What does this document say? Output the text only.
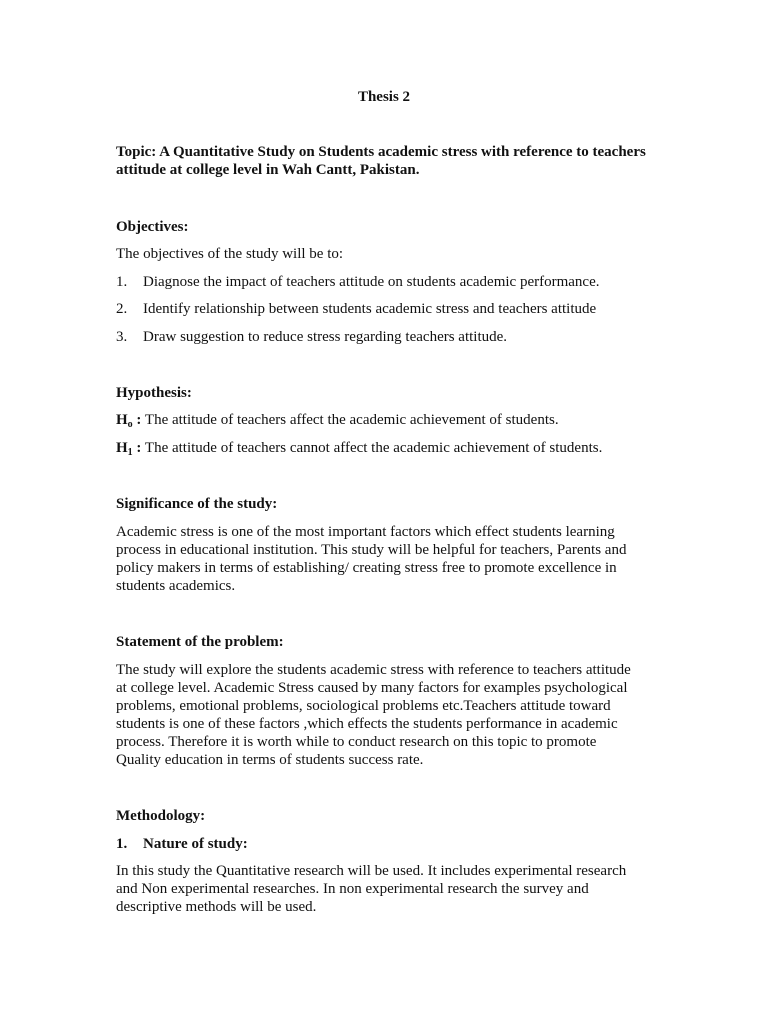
Thesis 2

Topic: A Quantitative Study on Students academic stress with reference to teachers attitude at college level in Wah Cantt, Pakistan.

Objectives:

The objectives of the study will be to:

1. Diagnose the impact of teachers attitude on students academic performance.

2. Identify relationship between students academic stress and teachers attitude

3. Draw suggestion to reduce stress regarding teachers attitude.

Hypothesis:

$H_o$ : The attitude of teachers affect the academic achievement of students.

$H_1$ : The attitude of teachers cannot affect the academic achievement of students.

Significance of the study:

Academic stress is one of the most important factors which effect students learning
process in educational institution. This study will be helpful for teachers, Parents and
policy makers in terms of establishing/ creating stress free to promote excellence in
students academics.

Statement of the problem:

The study will explore the students academic stress with reference to teachers attitude
at college level. Academic Stress caused by many factors for examples psychological
problems, emotional problems, sociological problems etc.Teachers attitude toward
students is one of these factors ,which effects the students performance in academic
process. Therefore it is worth while to conduct research on this topic to promote
Quality education in terms of students success rate.

Methodology:

1. Nature of study:

In this study the Quantitative research will be used. It includes experimental research
and Non experimental researches. In non experimental research the survey and
descriptive methods will be used.
